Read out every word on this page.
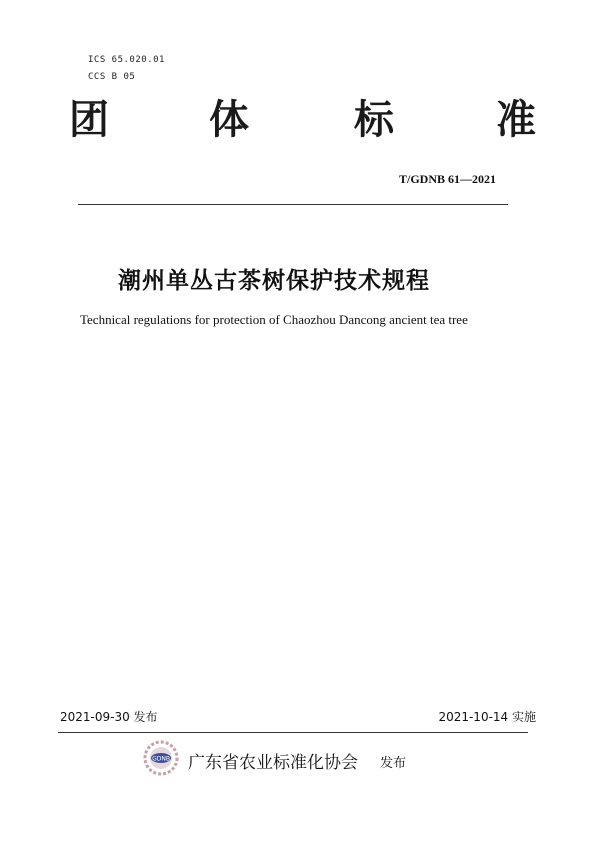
ICS 65.020.01
CCS B 05
团	体	标	准
T/GDNB 61—2021
潮州单丛古茶树保护技术规程
Technical regulations for protection of Chaozhou Dancong ancient tea tree
2021-09-30 发布	2021-10-14 实施
GDNB 广东省农业标准化协会 发布
